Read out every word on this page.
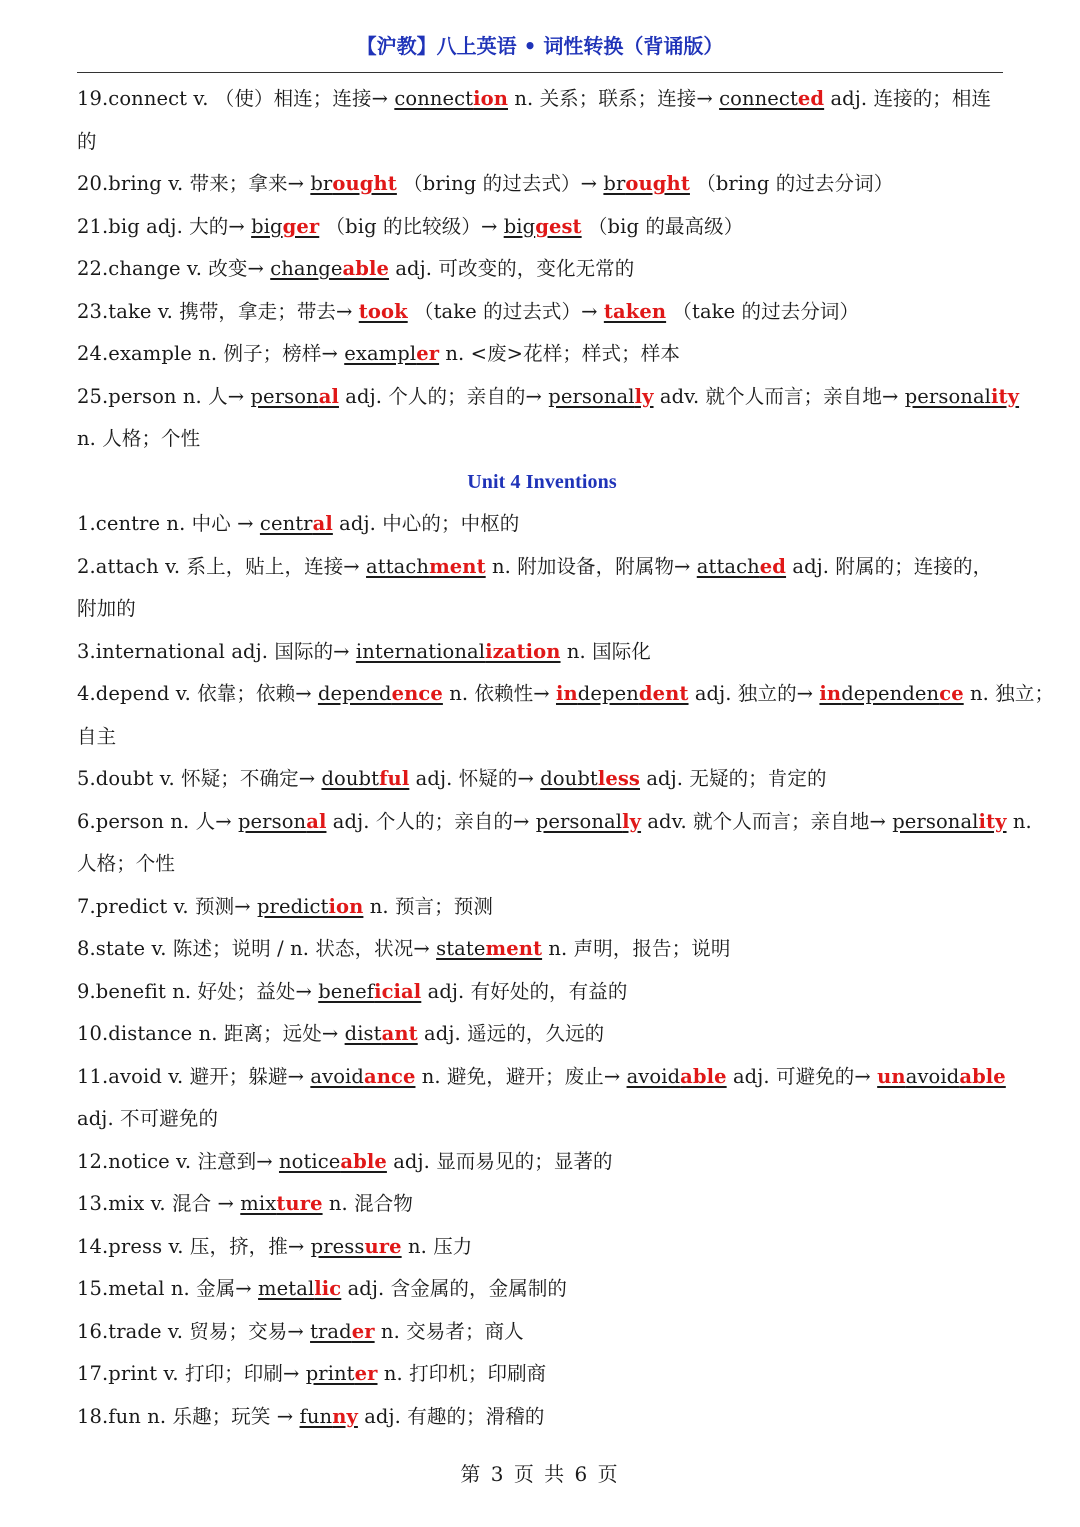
【沪教】八上英语 • 词性转换（背诵版）
19.connect v. （使）相连；连接→ connection n. 关系；联系；连接→ connected adj. 连接的；相连
的
20.bring v. 带来；拿来→ brought （bring 的过去式）→ brought （bring 的过去分词）
21.big adj. 大的→ bigger （big 的比较级）→ biggest （big 的最高级）
22.change v. 改变→ changeable adj. 可改变的，变化无常的
23.take v. 携带，拿走；带去→ took （take 的过去式）→ taken （take 的过去分词）
24.example n. 例子；榜样→ exampler n. <废>花样；样式；样本
25.person n. 人→ personal adj. 个人的；亲自的→ personally adv. 就个人而言；亲自地→ personality
n. 人格；个性
Unit 4 Inventions
1.centre n. 中心 → central adj. 中心的；中枢的
2.attach v. 系上，贴上，连接→ attachment n. 附加设备，附属物→ attached adj. 附属的；连接的，
附加的
3.international adj. 国际的→ internationalization n. 国际化
4.depend v. 依靠；依赖→ dependence n. 依赖性→ independent adj. 独立的→ independence n. 独立；
自主
5.doubt v. 怀疑；不确定→ doubtful adj. 怀疑的→ doubtless adj. 无疑的；肯定的
6.person n. 人→ personal adj. 个人的；亲自的→ personally adv. 就个人而言；亲自地→ personality n.
人格；个性
7.predict v. 预测→ prediction n. 预言；预测
8.state v. 陈述；说明 / n. 状态，状况→ statement n. 声明，报告；说明
9.benefit n. 好处；益处→ beneficial adj. 有好处的，有益的
10.distance n. 距离；远处→ distant adj. 遥远的，久远的
11.avoid v. 避开；躲避→ avoidance n. 避免，避开；废止→ avoidable adj. 可避免的→ unavoidable
adj. 不可避免的
12.notice v. 注意到→ noticeable adj. 显而易见的；显著的
13.mix v. 混合 → mixture n. 混合物
14.press v. 压，挤，推→ pressure n. 压力
15.metal n. 金属→ metallic adj. 含金属的，金属制的
16.trade v. 贸易；交易→ trader n. 交易者；商人
17.print v. 打印；印刷→ printer n. 打印机；印刷商
18.fun n. 乐趣；玩笑 → funny adj. 有趣的；滑稽的
第 3 页 共 6 页
